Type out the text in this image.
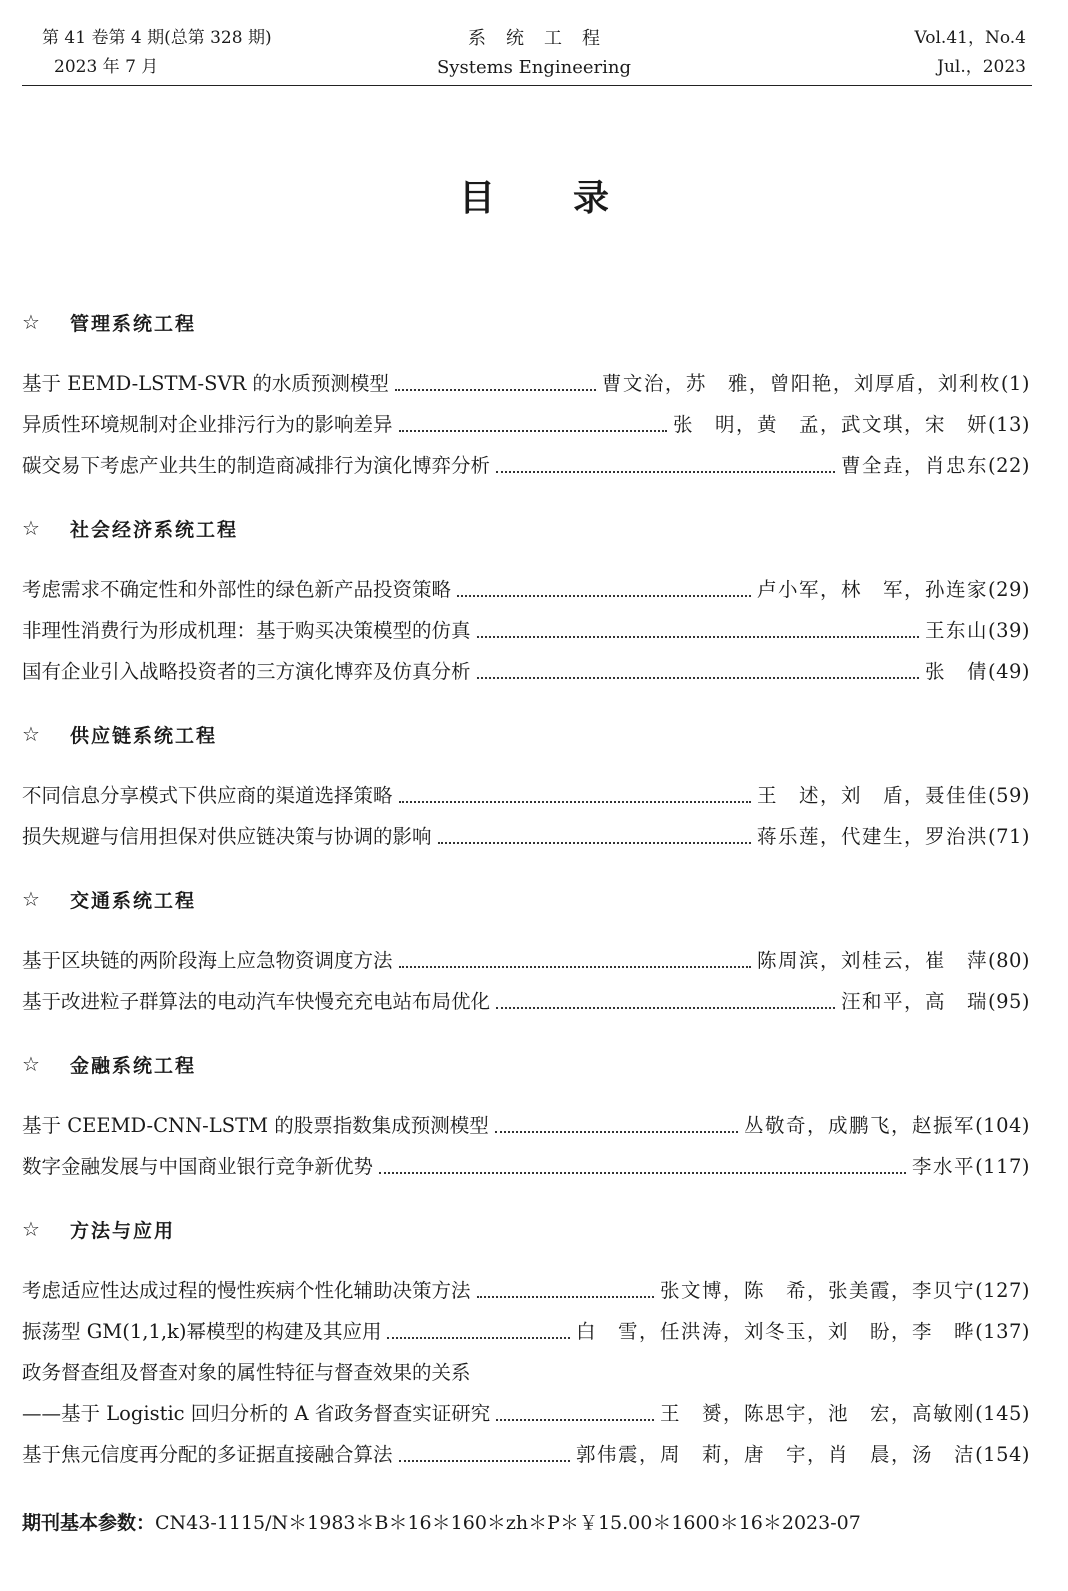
第 41 卷第 4 期(总第 328 期)
2023 年 7 月
系统工程
Systems Engineering
Vol.41，No.4
Jul.，2023
目录
☆	管理系统工程
基于 EEMD-LSTM-SVR 的水质预测模型	曹文治，苏　雅，曾阳艳，刘厚盾，刘利枚 (1)
异质性环境规制对企业排污行为的影响差异	张　明，黄　孟，武文琪，宋　妍 (13)
碳交易下考虑产业共生的制造商减排行为演化博弈分析	曹全垚，肖忠东 (22)
☆	社会经济系统工程
考虑需求不确定性和外部性的绿色新产品投资策略	卢小军，林　军，孙连家 (29)
非理性消费行为形成机理：基于购买决策模型的仿真	王东山 (39)
国有企业引入战略投资者的三方演化博弈及仿真分析	张　倩 (49)
☆	供应链系统工程
不同信息分享模式下供应商的渠道选择策略	王　述，刘　盾，聂佳佳 (59)
损失规避与信用担保对供应链决策与协调的影响	蒋乐莲，代建生，罗治洪 (71)
☆	交通系统工程
基于区块链的两阶段海上应急物资调度方法	陈周滨，刘桂云，崔　萍 (80)
基于改进粒子群算法的电动汽车快慢充充电站布局优化	汪和平，高　瑞 (95)
☆	金融系统工程
基于 CEEMD-CNN-LSTM 的股票指数集成预测模型	丛敬奇，成鹏飞，赵振军 (104)
数字金融发展与中国商业银行竞争新优势	李水平 (117)
☆	方法与应用
考虑适应性达成过程的慢性疾病个性化辅助决策方法	张文博，陈　希，张美霞，李贝宁 (127)
振荡型 GM(1,1,k)幂模型的构建及其应用	白　雪，任洪涛，刘冬玉，刘　盼，李　晔 (137)
政务督查组及督查对象的属性特征与督查效果的关系
——基于 Logistic 回归分析的 A 省政务督查实证研究	王　赟，陈思宇，池　宏，高敏刚 (145)
基于焦元信度再分配的多证据直接融合算法	郭伟震，周　莉，唐　宇，肖　晨，汤　洁 (154)
期刊基本参数：CN43-1115/N＊1983＊B＊16＊160＊zh＊P＊￥15.00＊1600＊16＊2023-07
